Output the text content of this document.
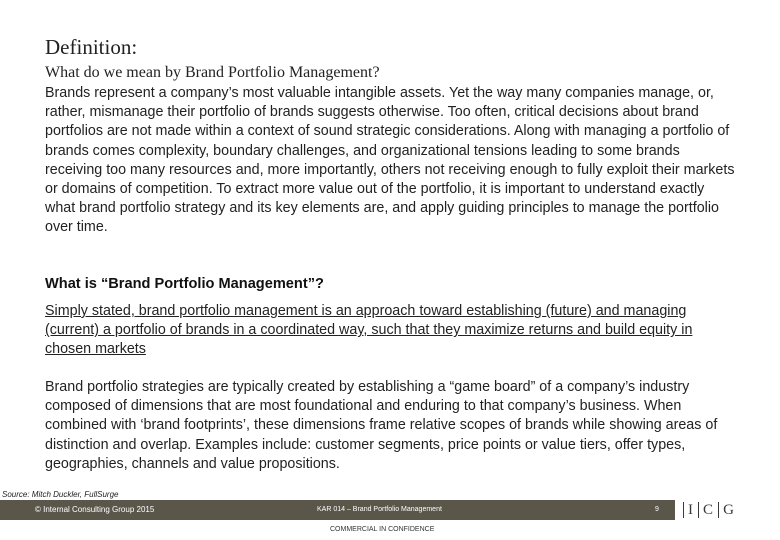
Definition:
What do we mean by Brand Portfolio Management?
Brands represent a company’s most valuable intangible assets. Yet the way many companies manage, or, rather, mismanage their portfolio of brands suggests otherwise. Too often, critical decisions about brand portfolios are not made within a context of sound strategic considerations. Along with managing a portfolio of brands comes complexity, boundary challenges, and organizational tensions leading to some brands receiving too many resources and, more importantly, others not receiving enough to fully exploit their markets or domains of competition. To extract more value out of the portfolio, it is important to understand exactly what brand portfolio strategy and its key elements are, and apply guiding principles to manage the portfolio over time.
What is “Brand Portfolio Management”?
Simply stated, brand portfolio management is an approach toward establishing (future) and managing (current) a portfolio of brands in a coordinated way, such that they maximize returns and build equity in chosen markets
Brand portfolio strategies are typically created by establishing a “game board” of a company’s industry composed of dimensions that are most foundational and enduring to that company’s business. When combined with ‘brand footprints’, these dimensions frame relative scopes of brands while showing areas of distinction and overlap. Examples include: customer segments, price points or value tiers, offer types, geographies, channels and value propositions.
Source: Mitch Duckler, FullSurge
© Internal Consulting Group 2015	KAR 014 – Brand Portfolio Management	9 I C G
COMMERCIAL IN CONFIDENCE
